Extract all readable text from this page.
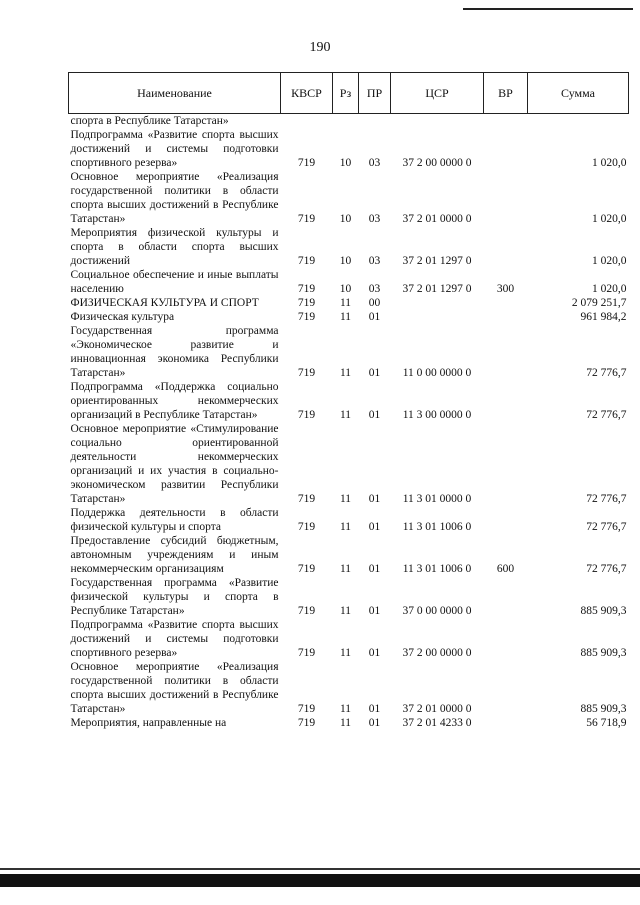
190
Наименование	КВСР	Рз	ПР	ЦСР	ВР	Сумма
спорта в Республике Татарстан»						
Подпрограмма «Развитие спорта высших достижений и системы подготовки спортивного резерва»	719	10	03	37 2 00 0000 0		1 020,0
Основное мероприятие «Реализация государственной политики в области спорта высших достижений в Республике Татарстан»	719	10	03	37 2 01 0000 0		1 020,0
Мероприятия физической культуры и спорта в области спорта высших достижений	719	10	03	37 2 01 1297 0		1 020,0
Социальное обеспечение и иные выплаты населению	719	10	03	37 2 01 1297 0	300	1 020,0
ФИЗИЧЕСКАЯ КУЛЬТУРА И СПОРТ	719	11	00			2 079 251,7
Физическая культура	719	11	01			961 984,2
Государственная программа «Экономическое развитие и инновационная экономика Республики Татарстан»	719	11	01	11 0 00 0000 0		72 776,7
Подпрограмма «Поддержка социально ориентированных некоммерческих организаций в Республике Татарстан»	719	11	01	11 3 00 0000 0		72 776,7
Основное мероприятие «Стимулирование социально ориентированной деятельности некоммерческих организаций и их участия в социально-экономическом развитии Республики Татарстан»	719	11	01	11 3 01 0000 0		72 776,7
Поддержка деятельности в области физической культуры и спорта	719	11	01	11 3 01 1006 0		72 776,7
Предоставление субсидий бюджетным, автономным учреждениям и иным некоммерческим организациям	719	11	01	11 3 01 1006 0	600	72 776,7
Государственная программа «Развитие физической культуры и спорта в Республике Татарстан»	719	11	01	37 0 00 0000 0		885 909,3
Подпрограмма «Развитие спорта высших достижений и системы подготовки спортивного резерва»	719	11	01	37 2 00 0000 0		885 909,3
Основное мероприятие «Реализация государственной политики в области спорта высших достижений в Республике Татарстан»	719	11	01	37 2 01 0000 0		885 909,3
Мероприятия, направленные на	719	11	01	37 2 01 4233 0		56 718,9
